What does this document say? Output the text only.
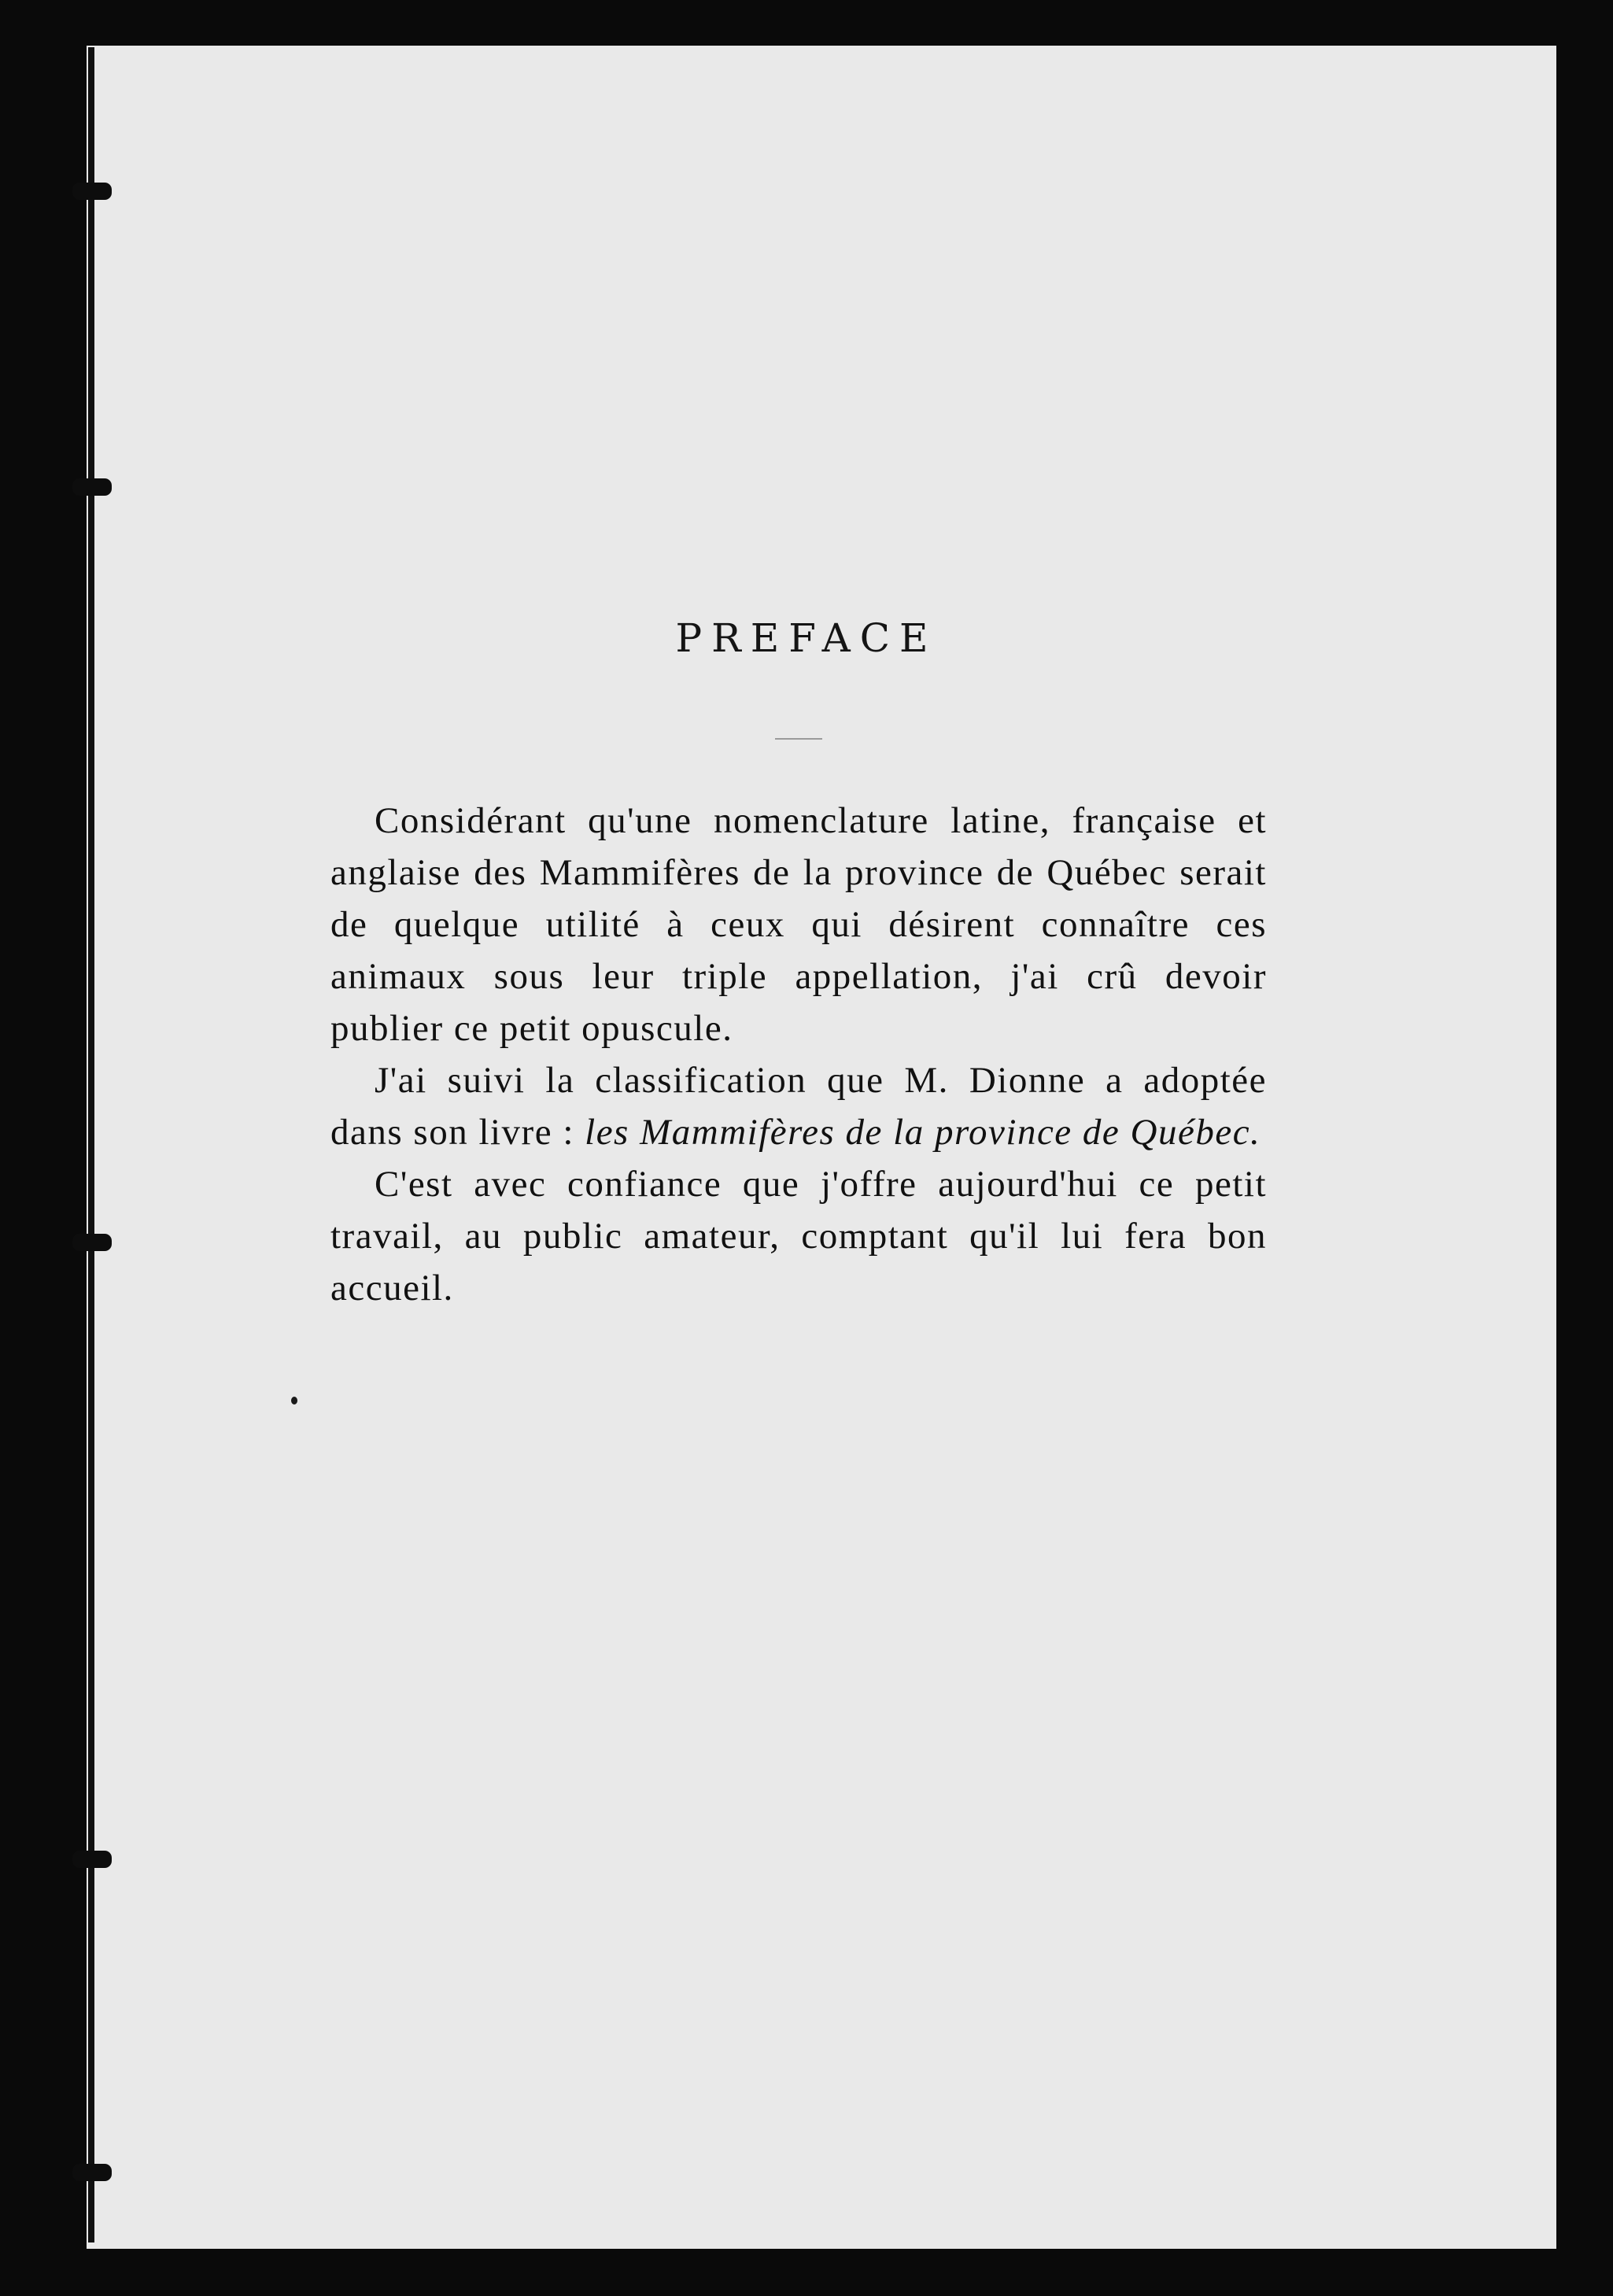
PREFACE

Considérant qu'une nomenclature latine, française et anglaise des Mammifères de la province de Québec serait de quelque utilité à ceux qui désirent connaître ces animaux sous leur triple appellation, j'ai crû devoir publier ce petit opuscule.

J'ai suivi la classification que M. Dionne a adoptée dans son livre : les Mammifères de la province de Québec.

C'est avec confiance que j'offre aujourd'hui ce petit travail, au public amateur, comptant qu'il lui fera bon accueil.
